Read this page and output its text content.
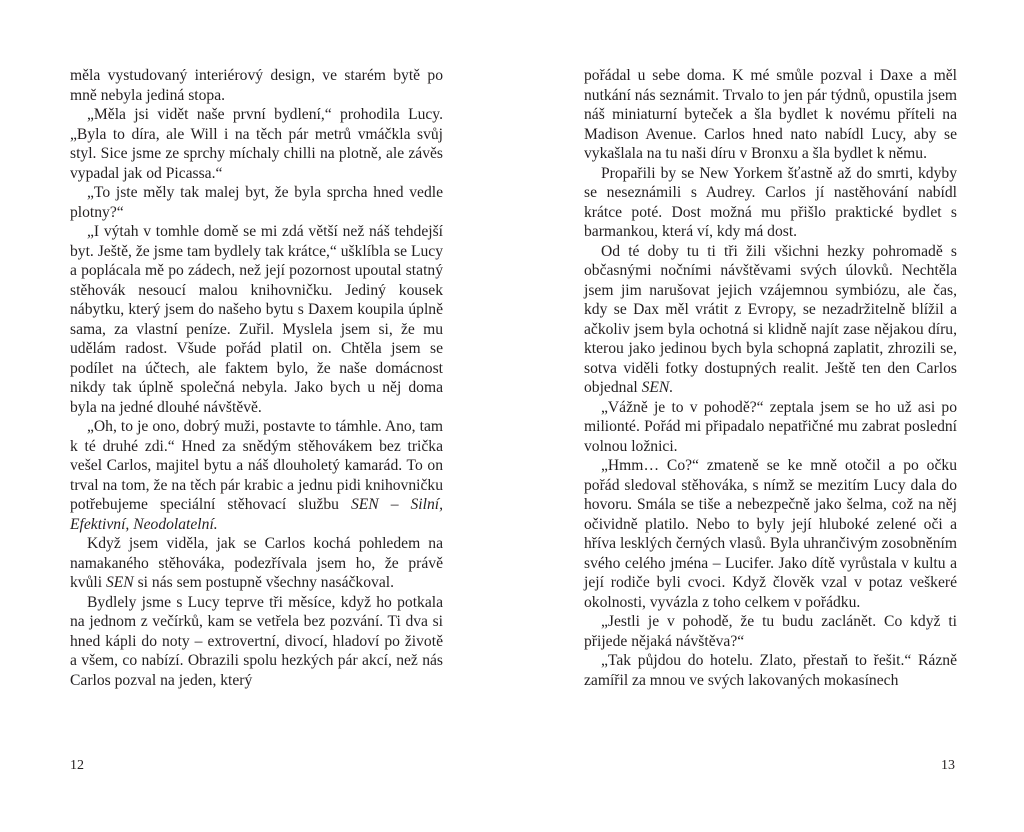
měla vystudovaný interiérový design, ve starém bytě po mně nebyla jediná stopa.

„Měla jsi vidět naše první bydlení,“ prohodila Lucy. „Byla to díra, ale Will i na těch pár metrů vmáčkla svůj styl. Sice jsme ze sprchy míchaly chilli na plotně, ale závěs vypadal jak od Picassa.“

„To jste měly tak malej byt, že byla sprcha hned vedle plotny?“

„I výtah v tomhle domě se mi zdá větší než náš tehdejší byt. Ještě, že jsme tam bydlely tak krátce,“ ušklíbla se Lucy a poplácala mě po zádech, než její pozornost upoutal statný stěhovák nesoucí malou knihovničku. Jediný kousek nábytku, který jsem do našeho bytu s Daxem koupila úplně sama, za vlastní peníze. Zuřil. Myslela jsem si, že mu udělám radost. Všude pořád platil on. Chtěla jsem se podílet na účtech, ale faktem bylo, že naše domácnost nikdy tak úplně společná nebyla. Jako bych u něj doma byla na jedné dlouhé návštěvě.

„Oh, to je ono, dobrý muži, postavte to támhle. Ano, tam k té druhé zdi.“ Hned za snědým stěhovákem bez trička vešel Carlos, majitel bytu a náš dlouholetý kamarád. To on trval na tom, že na těch pár krabic a jednu pidi knihovničku potřebujeme speciální stěhovací službu SEN – Silní, Efektivní, Neodolatelní.

Když jsem viděla, jak se Carlos kochá pohledem na namakaného stěhováka, podezřívala jsem ho, že právě kvůli SEN si nás sem postupně všechny nasáčkoval.

Bydlely jsme s Lucy teprve tři měsíce, když ho potkala na jednom z večírků, kam se vetřela bez pozvání. Ti dva si hned kápli do noty – extrovertní, divocí, hladoví po životě a všem, co nabízí. Obrazili spolu hezkých pár akcí, než nás Carlos pozval na jeden, který

12

pořádal u sebe doma. K mé smůle pozval i Daxe a měl nutkání nás seznámit. Trvalo to jen pár týdnů, opustila jsem náš miniaturní byteček a šla bydlet k novému příteli na Madison Avenue. Carlos hned nato nabídl Lucy, aby se vykašlala na tu naši díru v Bronxu a šla bydlet k němu.

Propařili by se New Yorkem šťastně až do smrti, kdyby se neseznámili s Audrey. Carlos jí nastěhování nabídl krátce poté. Dost možná mu přišlo praktické bydlet s barmankou, která ví, kdy má dost.

Od té doby tu ti tři žili všichni hezky pohromadě s občasnými nočními návštěvami svých úlovků. Nechtěla jsem jim narušovat jejich vzájemnou symbiózu, ale čas, kdy se Dax měl vrátit z Evropy, se nezadržitelně blížil a ačkoliv jsem byla ochotná si klidně najít zase nějakou díru, kterou jako jedinou bych byla schopná zaplatit, zhrozili se, sotva viděli fotky dostupných realit. Ještě ten den Carlos objednal SEN.

„Vážně je to v pohodě?“ zeptala jsem se ho už asi po milionté. Pořád mi připadalo nepatřičné mu zabrat poslední volnou ložnici.

„Hmm… Co?“ zmateně se ke mně otočil a po očku pořád sledoval stěhováka, s nímž se mezitím Lucy dala do hovoru. Smála se tiše a nebezpečně jako šelma, což na něj očividně platilo. Nebo to byly její hluboké zelené oči a hříva lesklých černých vlasů. Byla uhrančivým zosobněním svého celého jména – Lucifer. Jako dítě vyrůstala v kultu a její rodiče byli cvoci. Když člověk vzal v potaz veškeré okolnosti, vyvázla z toho celkem v pořádku.

„Jestli je v pohodě, že tu budu zaclánět. Co když ti přijede nějaká návštěva?“

„Tak půjdou do hotelu. Zlato, přestaň to řešit.“ Rázně zamířil za mnou ve svých lakovaných mokasínech

13
